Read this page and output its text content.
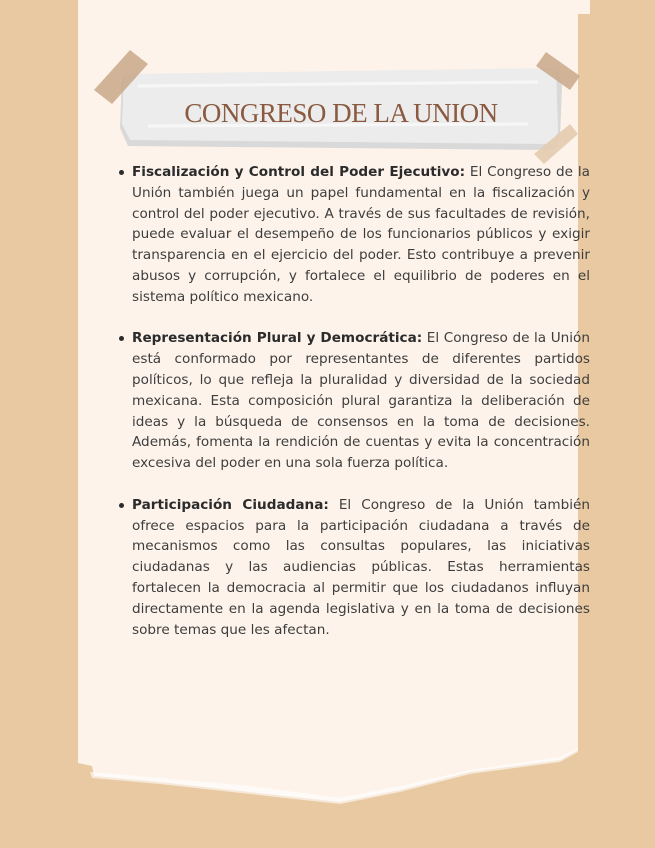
CONGRESO DE LA UNION
Fiscalización y Control del Poder Ejecutivo: El Congreso de la Unión también juega un papel fundamental en la fiscalización y control del poder ejecutivo. A través de sus facultades de revisión, puede evaluar el desempeño de los funcionarios públicos y exigir transparencia en el ejercicio del poder. Esto contribuye a prevenir abusos y corrupción, y fortalece el equilibrio de poderes en el sistema político mexicano.
Representación Plural y Democrática: El Congreso de la Unión está conformado por representantes de diferentes partidos políticos, lo que refleja la pluralidad y diversidad de la sociedad mexicana. Esta composición plural garantiza la deliberación de ideas y la búsqueda de consensos en la toma de decisiones. Además, fomenta la rendición de cuentas y evita la concentración excesiva del poder en una sola fuerza política.
Participación Ciudadana: El Congreso de la Unión también ofrece espacios para la participación ciudadana a través de mecanismos como las consultas populares, las iniciativas ciudadanas y las audiencias públicas. Estas herramientas fortalecen la democracia al permitir que los ciudadanos influyan directamente en la agenda legislativa y en la toma de decisiones sobre temas que les afectan.
